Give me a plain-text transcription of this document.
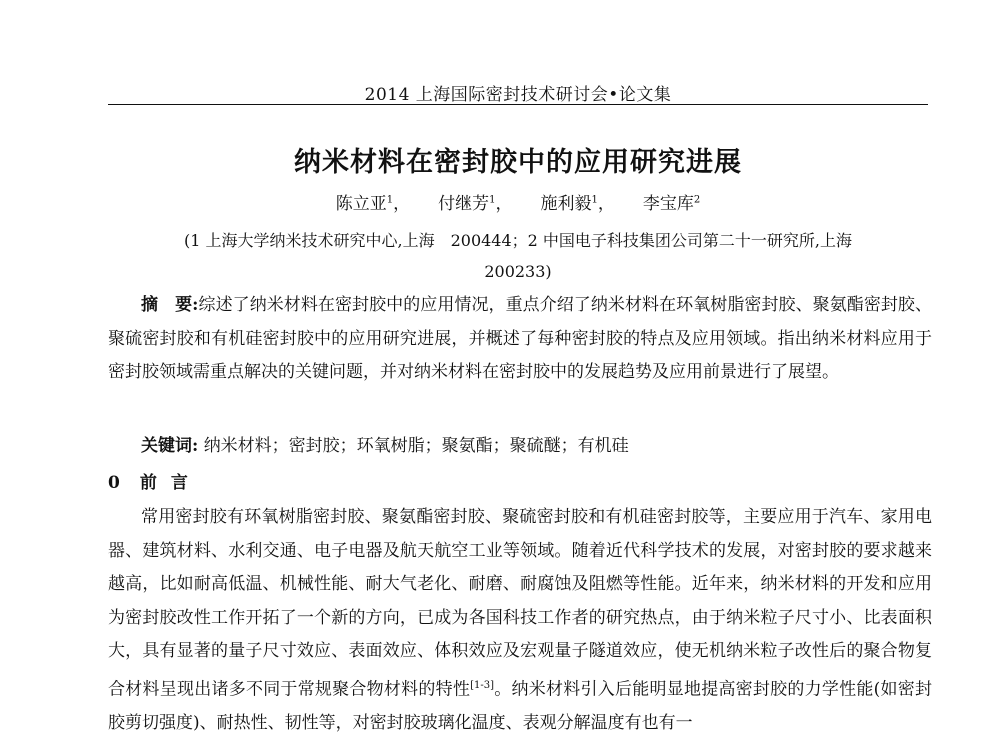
2014 上海国际密封技术研讨会•论文集
纳米材料在密封胶中的应用研究进展
陈立亚$^1$， 付继芳$^1$， 施利毅$^1$， 李宝库$^2$
(1 上海大学纳米技术研究中心,上海　200444；2 中国电子科技集团公司第二十一研究所,上海
200233)

摘　要:综述了纳米材料在密封胶中的应用情况，重点介绍了纳米材料在环氧树脂密封胶、聚氨酯密封胶、聚硫密封胶和有机硅密封胶中的应用研究进展，并概述了每种密封胶的特点及应用领域。指出纳米材料应用于密封胶领域需重点解决的关键问题，并对纳米材料在密封胶中的发展趋势及应用前景进行了展望。

关键词: 纳米材料；密封胶；环氧树脂；聚氨酯；聚硫醚；有机硅
0 前言

常用密封胶有环氧树脂密封胶、聚氨酯密封胶、聚硫密封胶和有机硅密封胶等，主要应用于汽车、家用电器、建筑材料、水利交通、电子电器及航天航空工业等领域。随着近代科学技术的发展，对密封胶的要求越来越高，比如耐高低温、机械性能、耐大气老化、耐磨、耐腐蚀及阻燃等性能。近年来，纳米材料的开发和应用为密封胶改性工作开拓了一个新的方向，已成为各国科技工作者的研究热点，由于纳米粒子尺寸小、比表面积大，具有显著的量子尺寸效应、表面效应、体积效应及宏观量子隧道效应，使无机纳米粒子改性后的聚合物复合材料呈现出诸多不同于常规聚合物材料的特性[1-3]。纳米材料引入后能明显地提高密封胶的力学性能(如密封胶剪切强度)、耐热性、韧性等，对密封胶玻璃化温度、表观分解温度有也有一
